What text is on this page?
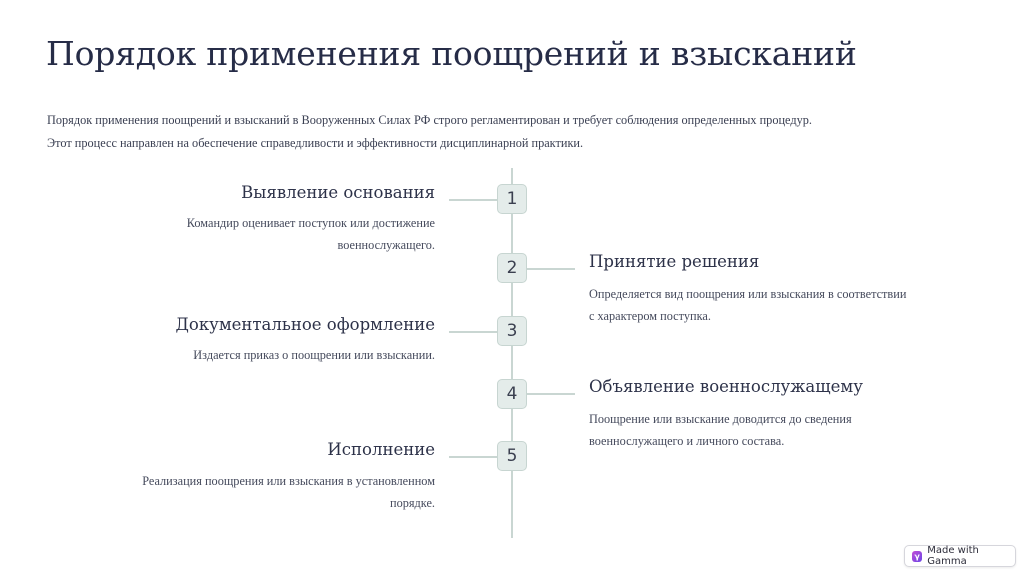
Порядок применения поощрений и взысканий

Порядок применения поощрений и взысканий в Вооруженных Силах РФ строго регламентирован и требует соблюдения определенных процедур.

Этот процесс направлен на обеспечение справедливости и эффективности дисциплинарной практики.

1
Выявление основания
Командир оценивает поступок или достижение
военнослужащего.
2	Принятие решения
Определяется вид поощрения или взыскания в соответствии
с характером поступка.
3
Документальное оформление
Издается приказ о поощрении или взыскании.
4	Объявление военнослужащему
Поощрение или взыскание доводится до сведения
военнослужащего и личного состава.
5
Исполнение
Реализация поощрения или взыскания в установленном
порядке.
γ Made with Gamma
